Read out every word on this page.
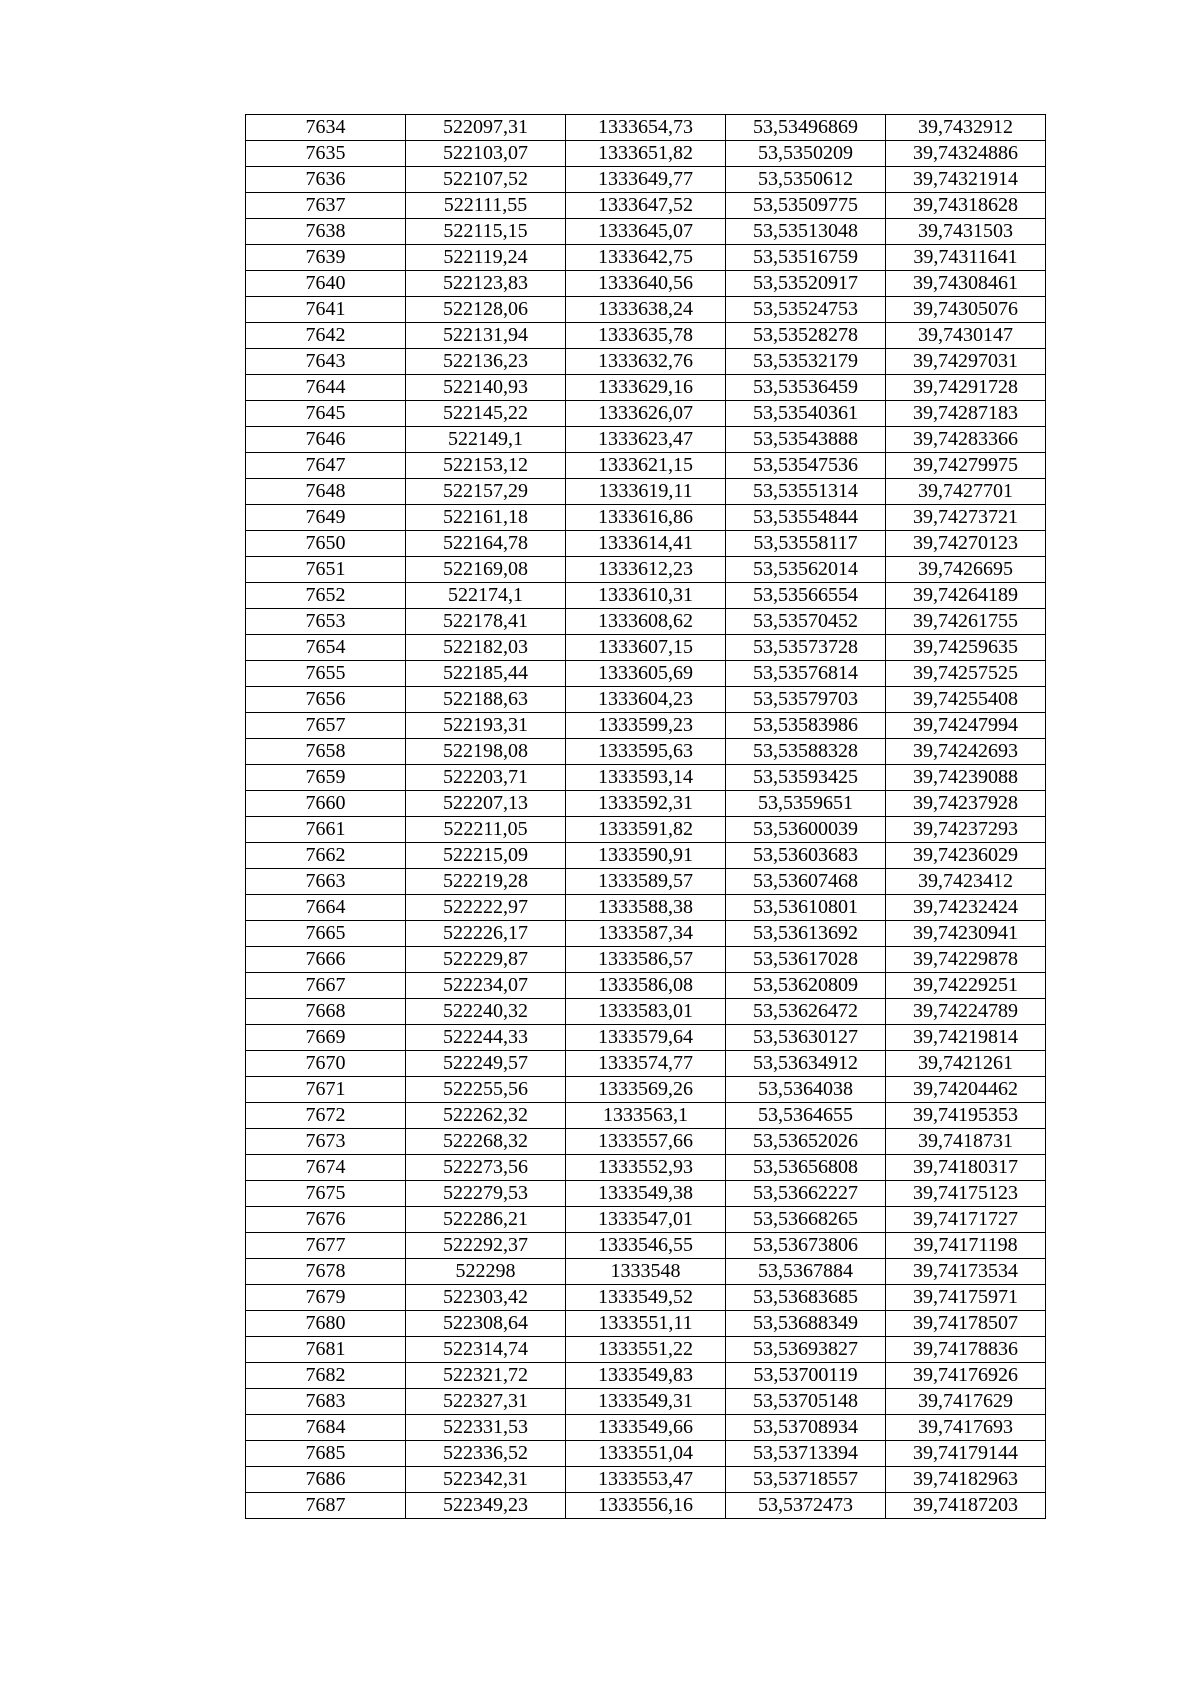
7634	522097,31	1333654,73	53,53496869	39,7432912
7635	522103,07	1333651,82	53,5350209	39,74324886
7636	522107,52	1333649,77	53,5350612	39,74321914
7637	522111,55	1333647,52	53,53509775	39,74318628
7638	522115,15	1333645,07	53,53513048	39,7431503
7639	522119,24	1333642,75	53,53516759	39,74311641
7640	522123,83	1333640,56	53,53520917	39,74308461
7641	522128,06	1333638,24	53,53524753	39,74305076
7642	522131,94	1333635,78	53,53528278	39,7430147
7643	522136,23	1333632,76	53,53532179	39,74297031
7644	522140,93	1333629,16	53,53536459	39,74291728
7645	522145,22	1333626,07	53,53540361	39,74287183
7646	522149,1	1333623,47	53,53543888	39,74283366
7647	522153,12	1333621,15	53,53547536	39,74279975
7648	522157,29	1333619,11	53,53551314	39,7427701
7649	522161,18	1333616,86	53,53554844	39,74273721
7650	522164,78	1333614,41	53,53558117	39,74270123
7651	522169,08	1333612,23	53,53562014	39,7426695
7652	522174,1	1333610,31	53,53566554	39,74264189
7653	522178,41	1333608,62	53,53570452	39,74261755
7654	522182,03	1333607,15	53,53573728	39,74259635
7655	522185,44	1333605,69	53,53576814	39,74257525
7656	522188,63	1333604,23	53,53579703	39,74255408
7657	522193,31	1333599,23	53,53583986	39,74247994
7658	522198,08	1333595,63	53,53588328	39,74242693
7659	522203,71	1333593,14	53,53593425	39,74239088
7660	522207,13	1333592,31	53,5359651	39,74237928
7661	522211,05	1333591,82	53,53600039	39,74237293
7662	522215,09	1333590,91	53,53603683	39,74236029
7663	522219,28	1333589,57	53,53607468	39,7423412
7664	522222,97	1333588,38	53,53610801	39,74232424
7665	522226,17	1333587,34	53,53613692	39,74230941
7666	522229,87	1333586,57	53,53617028	39,74229878
7667	522234,07	1333586,08	53,53620809	39,74229251
7668	522240,32	1333583,01	53,53626472	39,74224789
7669	522244,33	1333579,64	53,53630127	39,74219814
7670	522249,57	1333574,77	53,53634912	39,7421261
7671	522255,56	1333569,26	53,5364038	39,74204462
7672	522262,32	1333563,1	53,5364655	39,74195353
7673	522268,32	1333557,66	53,53652026	39,7418731
7674	522273,56	1333552,93	53,53656808	39,74180317
7675	522279,53	1333549,38	53,53662227	39,74175123
7676	522286,21	1333547,01	53,53668265	39,74171727
7677	522292,37	1333546,55	53,53673806	39,74171198
7678	522298	1333548	53,5367884	39,74173534
7679	522303,42	1333549,52	53,53683685	39,74175971
7680	522308,64	1333551,11	53,53688349	39,74178507
7681	522314,74	1333551,22	53,53693827	39,74178836
7682	522321,72	1333549,83	53,53700119	39,74176926
7683	522327,31	1333549,31	53,53705148	39,7417629
7684	522331,53	1333549,66	53,53708934	39,7417693
7685	522336,52	1333551,04	53,53713394	39,74179144
7686	522342,31	1333553,47	53,53718557	39,74182963
7687	522349,23	1333556,16	53,5372473	39,74187203
